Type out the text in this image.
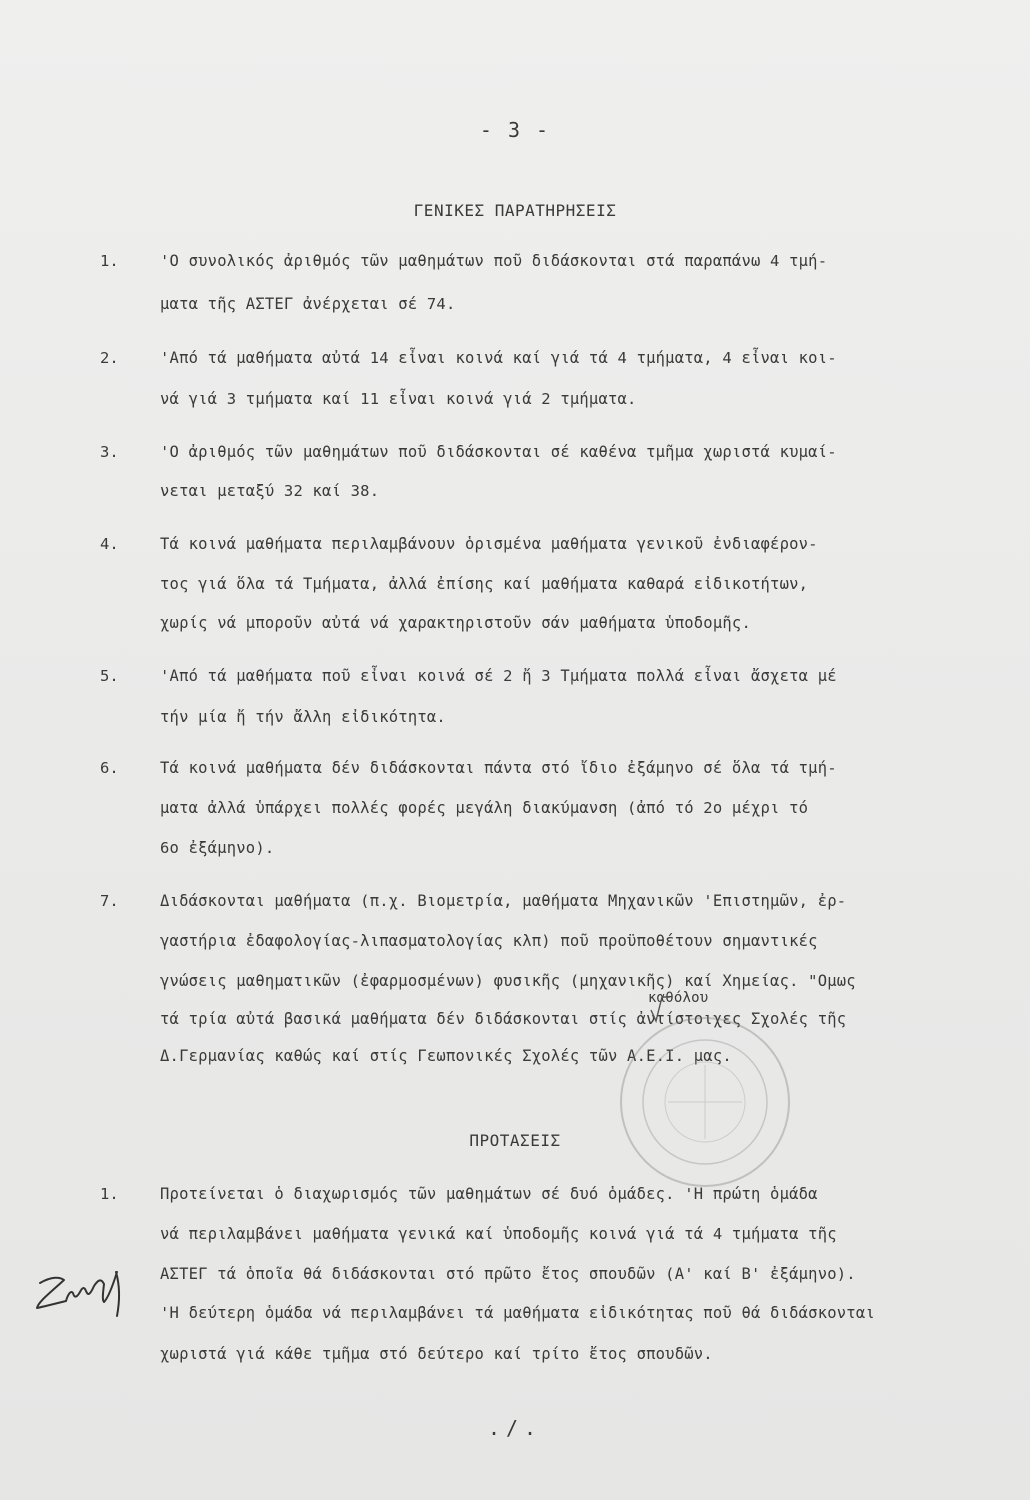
- 3 -
ΓΕΝΙΚΕΣ ΠΑΡΑΤΗΡΗΣΕΙΣ
1.	'Ο συνολικός ἀριθμός τῶν μαθημάτων ποῦ διδάσκονται στά παραπάνω 4 τμή-
ματα τῆς ΑΣΤΕΓ ἀνέρχεται σέ 74.
2.	'Από τά μαθήματα αὐτά 14 εἶναι κοινά καί γιά τά 4 τμήματα, 4 εἶναι κοι-
νά γιά 3 τμήματα καί 11 εἶναι κοινά γιά 2 τμήματα.
3.	'Ο ἀριθμός τῶν μαθημάτων ποῦ διδάσκονται σέ καθένα τμῆμα χωριστά κυμαί-
νεται μεταξύ 32 καί 38.
4.	Τά κοινά μαθήματα περιλαμβάνουν ὁρισμένα μαθήματα γενικοῦ ἐνδιαφέρον-
τος γιά ὅλα τά Τμήματα, ἀλλά ἐπίσης καί μαθήματα καθαρά εἰδικοτήτων,
χωρίς νά μποροῦν αὐτά νά χαρακτηριστοῦν σάν μαθήματα ὑποδομῆς.
5.	'Από τά μαθήματα ποῦ εἶναι κοινά σέ 2 ἤ 3 Τμήματα πολλά εἶναι ἄσχετα μέ
τήν μία ἤ τήν ἄλλη εἰδικότητα.
6.	Τά κοινά μαθήματα δέν διδάσκονται πάντα στό ἴδιο ἐξάμηνο σέ ὅλα τά τμή-
ματα ἀλλά ὑπάρχει πολλές φορές μεγάλη διακύμανση (ἀπό τό 2ο μέχρι τό
6ο ἐξάμηνο).
7.	Διδάσκονται μαθήματα (π.χ. Βιομετρία, μαθήματα Μηχανικῶν 'Επιστημῶν, ἐρ-
γαστήρια ἐδαφολογίας-λιπασματολογίας κλπ) ποῦ προϋποθέτουν σημαντικές
γνώσεις μαθηματικῶν (ἐφαρμοσμένων) φυσικῆς (μηχανικῆς) καί Χημείας. "Ομως
τά τρία αὐτά βασικά μαθήματα δέν διδάσκονται στίς ἀντίστοιχες Σχολές τῆς
Δ.Γερμανίας καθώς καί στίς Γεωπονικές Σχολές τῶν Α.Ε.Ι. μας.
καθόλου
ΠΡΟΤΑΣΕΙΣ
1.	Προτείνεται ὁ διαχωρισμός τῶν μαθημάτων σέ δυό ὁμάδες. 'Η πρώτη ὁμάδα
νά περιλαμβάνει μαθήματα γενικά καί ὑποδομῆς κοινά γιά τά 4 τμήματα τῆς
ΑΣΤΕΓ τά ὁποῖα θά διδάσκονται στό πρῶτο ἔτος σπουδῶν (Α' καί Β' ἐξάμηνο).
'Η δεύτερη ὁμάδα νά περιλαμβάνει τά μαθήματα εἰδικότητας ποῦ θά διδάσκονται
χωριστά γιά κάθε τμῆμα στό δεύτερο καί τρίτο ἔτος σπουδῶν.
./.
